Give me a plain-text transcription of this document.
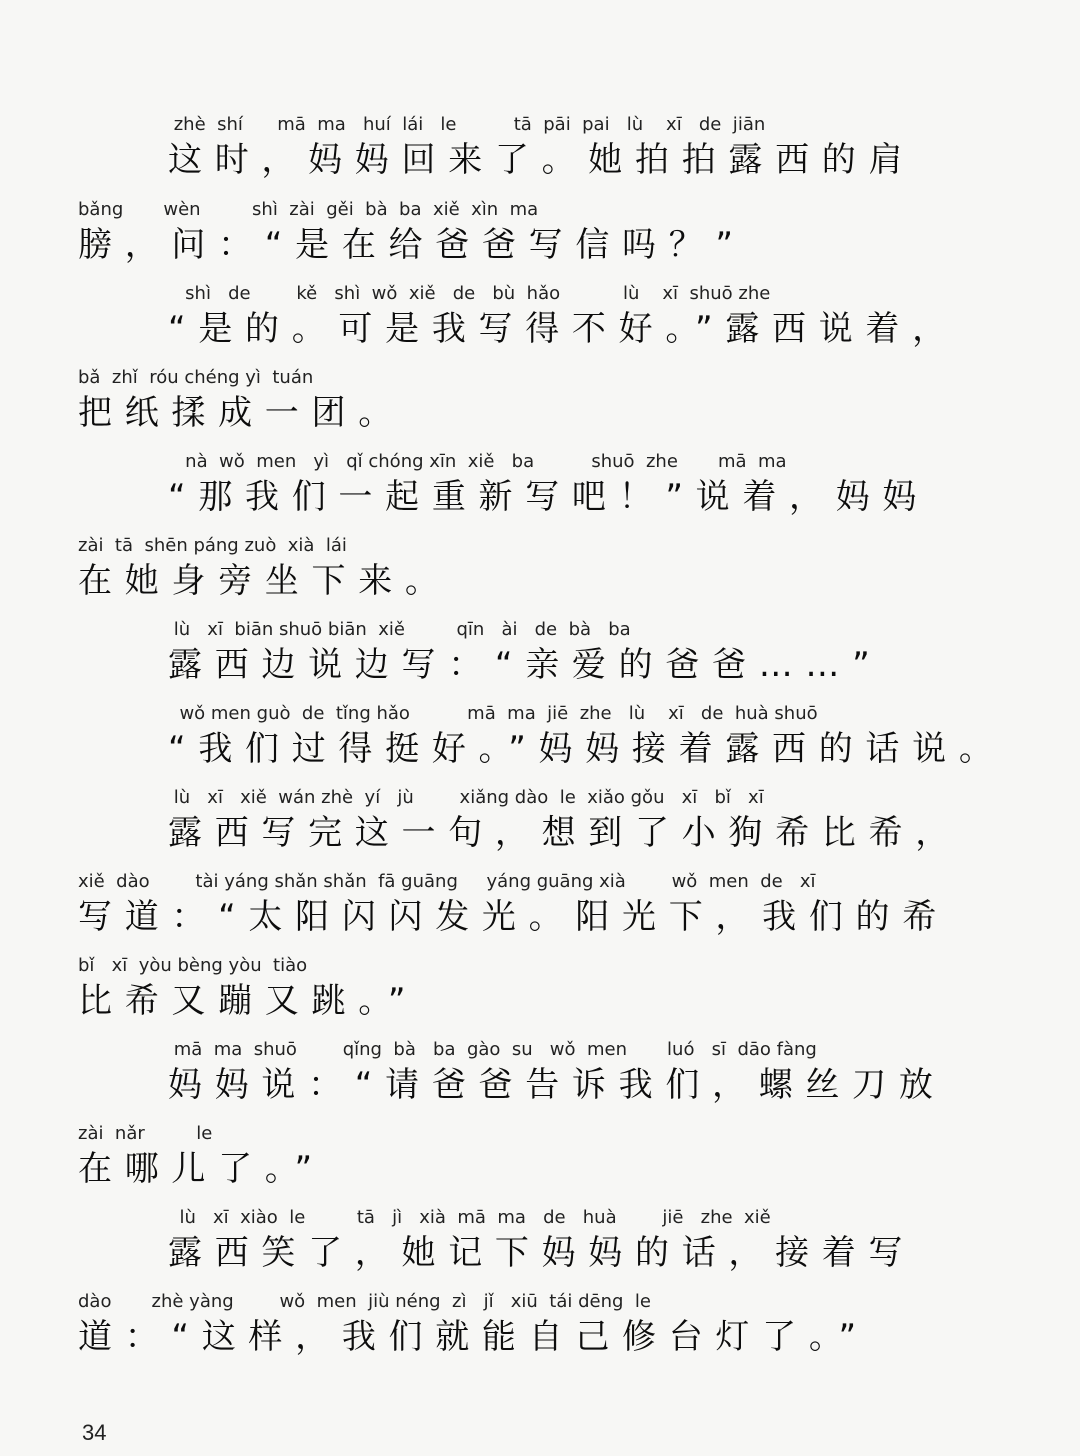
zhè  shí      mā  ma   huí  lái   le          tā  pāi  pai   lù    xī   de  jiān
这时，妈妈回来了。她拍拍露西的肩
bǎng       wèn         shì  zài  gěi  bà  ba  xiě  xìn  ma
膀，问：“是在给爸爸写信吗？”
shì   de        kě   shì  wǒ  xiě   de   bù  hǎo           lù    xī  shuō zhe
“是的。可是我写得不好。”露西说着，
bǎ  zhǐ  róu chéng yì  tuán
把纸揉成一团。
nà  wǒ  men   yì   qǐ chóng xīn  xiě   ba          shuō  zhe       mā  ma
“那我们一起重新写吧！”说着，妈妈
zài  tā  shēn páng zuò  xià  lái
在她身旁坐下来。
lù   xī  biān shuō biān  xiě         qīn   ài   de  bà   ba
露西边说边写：“亲爱的爸爸……”
wǒ men guò  de  tǐng hǎo          mā  ma  jiē  zhe   lù    xī   de  huà shuō
“我们过得挺好。”妈妈接着露西的话说。
lù   xī   xiě  wán zhè  yí   jù        xiǎng dào  le  xiǎo gǒu   xī   bǐ   xī
露西写完这一句，想到了小狗希比希，
xiě  dào        tài yáng shǎn shǎn  fā guāng     yáng guāng xià        wǒ  men  de   xī
写道：“太阳闪闪发光。阳光下，我们的希
bǐ   xī  yòu bèng yòu  tiào
比希又蹦又跳。”
mā  ma  shuō        qǐng  bà   ba  gào  su   wǒ  men       luó   sī  dāo fàng
妈妈说：“请爸爸告诉我们，螺丝刀放
zài  nǎr         le
在哪儿了。”
lù   xī  xiào  le         tā   jì   xià  mā  ma   de   huà        jiē   zhe  xiě
露西笑了，她记下妈妈的话，接着写
dào       zhè yàng        wǒ  men  jiù néng  zì   jǐ   xiū  tái dēng  le
道：“这样，我们就能自己修台灯了。”
34
